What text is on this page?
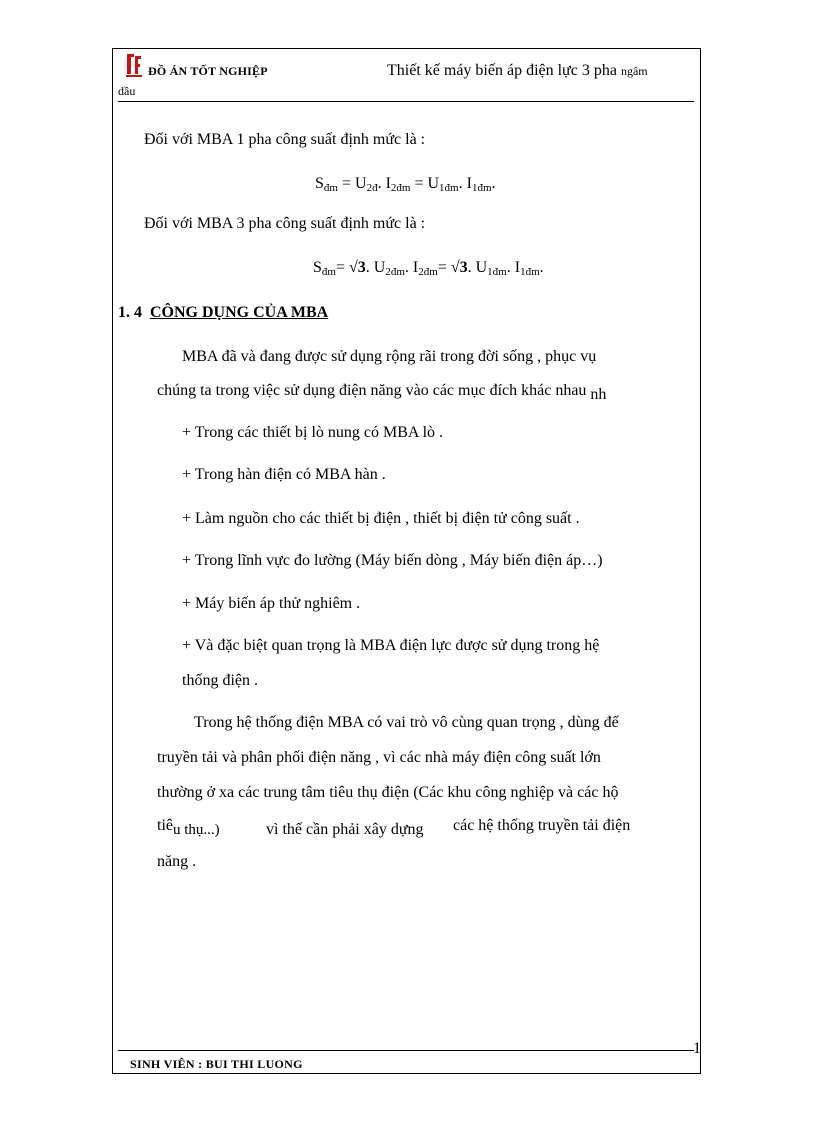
ĐỒ ÁN TỐT NGHIỆP	Thiết kế máy biến áp điện lực 3 pha ngâm
dầu
Đối với MBA 1 pha công suất định mức là :
$S_{đm} = U_{2đ}$. $I_{2đm} = U_{1đm}$. $I_{1đm}$.
Đối với MBA 3 pha công suất định mức là :
$S_{đm}= √3$. $U_{2đm}$. $I_{2đm}= √3$. $U_{1đm}$. $I_{1đm}$.
1. 4 CÔNG DỤNG CỦA MBA
MBA đã và đang được sử dụng rộng rãi trong đời sống , phục vụ
chúng ta trong việc sử dụng điện năng vào các mục đích khác nhau nh
+ Trong các thiết bị lò nung có MBA lò .
+ Trong hàn điện có MBA hàn .
+ Làm nguồn cho các thiết bị điện , thiết bị điện tử công suất .
+ Trong lĩnh vực đo lường (Máy biến dòng , Máy biến điện áp…)
+ Máy biến áp thử nghiêm .
+ Và đặc biệt quan trọng là MBA điện lực được sử dụng trong hệ
thống điện .
Trong hệ thống điện MBA có vai trò vô cùng quan trọng , dùng để
truyền tải và phân phối điện năng , vì các nhà máy điện công suất lớn
thường ở xa các trung tâm tiêu thụ điện (Các khu công nghiệp và các hộ
tiêu thụ...)	vì thế cần phải xây dựng các hệ thống truyền tải điện
năng .
1
SINH VIÊN : BUI THI LUONG
